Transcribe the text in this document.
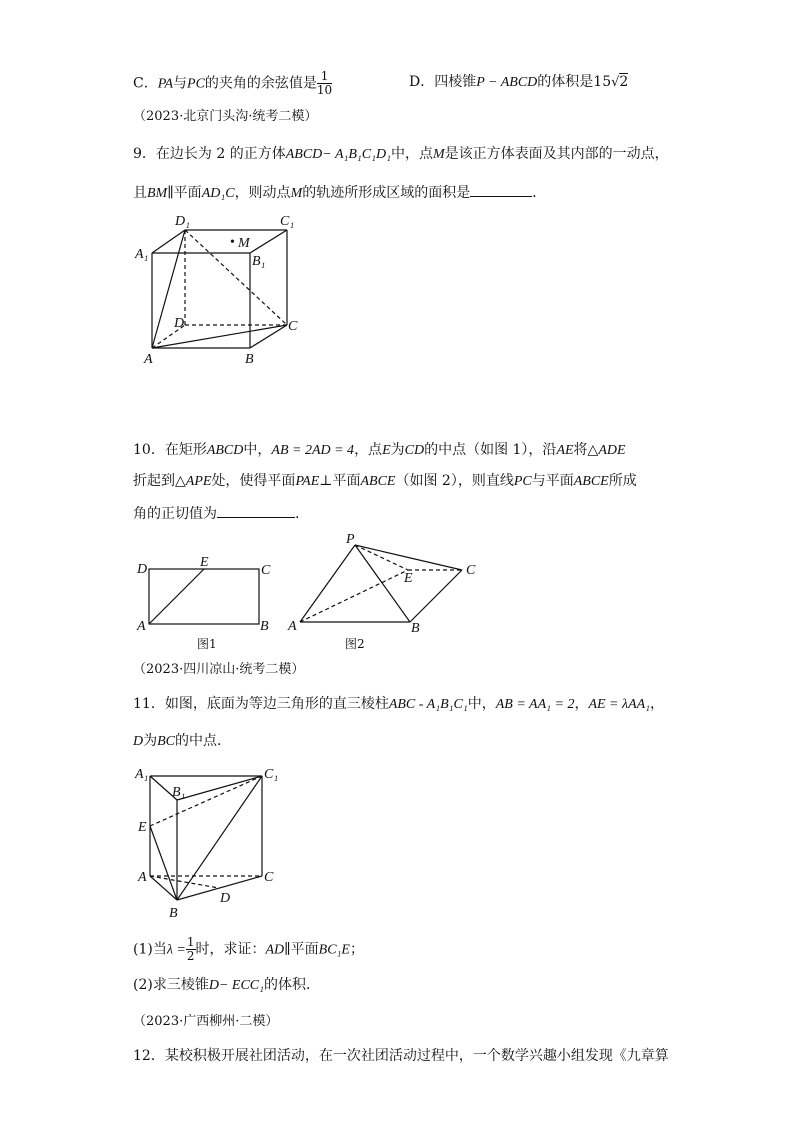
C．PA与PC的夹角的余弦值是 $\frac{1}{10}$	D．四棱锥P − ABCD的体积是15√2
（2023·北京门头沟·统考二模）
9．在边长为 2 的正方体ABCD− A₁B₁C₁D₁中，点M是该正方体表面及其内部的一动点，
且BM∥平面AD₁C，则动点M的轨迹所形成区域的面积是	．
D₁	C₁
A₁	B₁
• M
D	C
A	B
D	E
C
A	B
图1
P
E
C
A	B
图2
A₁	C₁
B₁
E
A	C
D
B
10．在矩形ABCD中，AB = 2AD = 4，点E为CD的中点（如图 1），沿AE将△ADE
折起到△APE处，使得平面PAE⊥平面ABCE（如图 2），则直线PC与平面ABCE所成
角的正切值为	.
（2023·四川凉山·统考二模）
11．如图，底面为等边三角形的直三棱柱ABC - A₁B₁C₁中，AB = AA₁ = 2，AE = λAA₁，
D为BC的中点．
(1)当$\lambda = \frac{1}{2}$ 时，求证：AD∥平面BC₁E；
(2)求三棱锥D− ECC₁的体积．
（2023·广西柳州·二模）
12．某校积极开展社团活动，在一次社团活动过程中，一个数学兴趣小组发现《九章算
